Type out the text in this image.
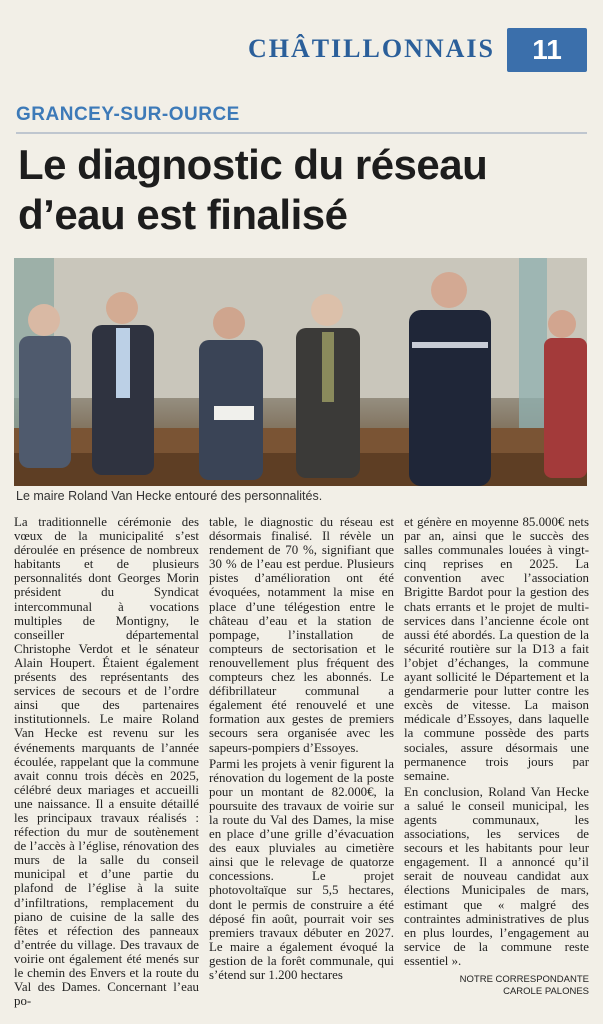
CHÂTILLONNAIS	11
GRANCEY-SUR-OURCE
Le diagnostic du réseau d’eau est finalisé
Le maire Roland Van Hecke entouré des personnalités.

La traditionnelle cérémonie des vœux de la municipalité s’est déroulée en présence de nombreux habitants et de plusieurs personnalités dont Georges Morin président du Syndicat intercommunal à vocations multiples de Montigny, le conseiller départemental Christophe Verdot et le sénateur Alain Houpert. Étaient également présents des représentants des services de secours et de l’ordre ainsi que des partenaires institutionnels. Le maire Roland Van Hecke est revenu sur les événements marquants de l’année écoulée, rappelant que la commune avait connu trois décès en 2025, célébré deux mariages et accueilli une naissance. Il a ensuite détaillé les principaux travaux réalisés : réfection du mur de soutènement de l’accès à l’église, rénovation des murs de la salle du conseil municipal et d’une partie du plafond de l’église à la suite d’infiltrations, remplacement du piano de cuisine de la salle des fêtes et réfection des panneaux d’entrée du village. Des travaux de voirie ont également été menés sur le chemin des Envers et la route du Val des Dames. Concernant l’eau po-

table, le diagnostic du réseau est désormais finalisé. Il révèle un rendement de 70 %, signifiant que 30 % de l’eau est perdue. Plusieurs pistes d’amélioration ont été évoquées, notamment la mise en place d’une télégestion entre le château d’eau et la station de pompage, l’installation de compteurs de sectorisation et le renouvellement plus fréquent des compteurs chez les abonnés. Le défibrillateur communal a également été renouvelé et une formation aux gestes de premiers secours sera organisée avec les sapeurs-pompiers d’Essoyes.

Parmi les projets à venir figurent la rénovation du logement de la poste pour un montant de 82.000€, la poursuite des travaux de voirie sur la route du Val des Dames, la mise en place d’une grille d’évacuation des eaux pluviales au cimetière ainsi que le relevage de quatorze concessions. Le projet photovoltaïque sur 5,5 hectares, dont le permis de construire a été déposé fin août, pourrait voir ses premiers travaux débuter en 2027. Le maire a également évoqué la gestion de la forêt communale, qui s’étend sur 1.200 hectares

et génère en moyenne 85.000€ nets par an, ainsi que le succès des salles communales louées à vingt-cinq reprises en 2025. La convention avec l’association Brigitte Bardot pour la gestion des chats errants et le projet de multi-services dans l’ancienne école ont aussi été abordés. La question de la sécurité routière sur la D13 a fait l’objet d’échanges, la commune ayant sollicité le Département et la gendarmerie pour lutter contre les excès de vitesse. La maison médicale d’Essoyes, dans laquelle la commune possède des parts sociales, assure désormais une permanence trois jours par semaine.

En conclusion, Roland Van Hecke a salué le conseil municipal, les agents communaux, les associations, les services de secours et les habitants pour leur engagement. Il a annoncé qu’il serait de nouveau candidat aux élections Municipales de mars, estimant que « malgré des contraintes administratives de plus en plus lourdes, l’engagement au service de la commune reste essentiel ».

NOTRE CORRESPONDANTE
CAROLE PALONES
